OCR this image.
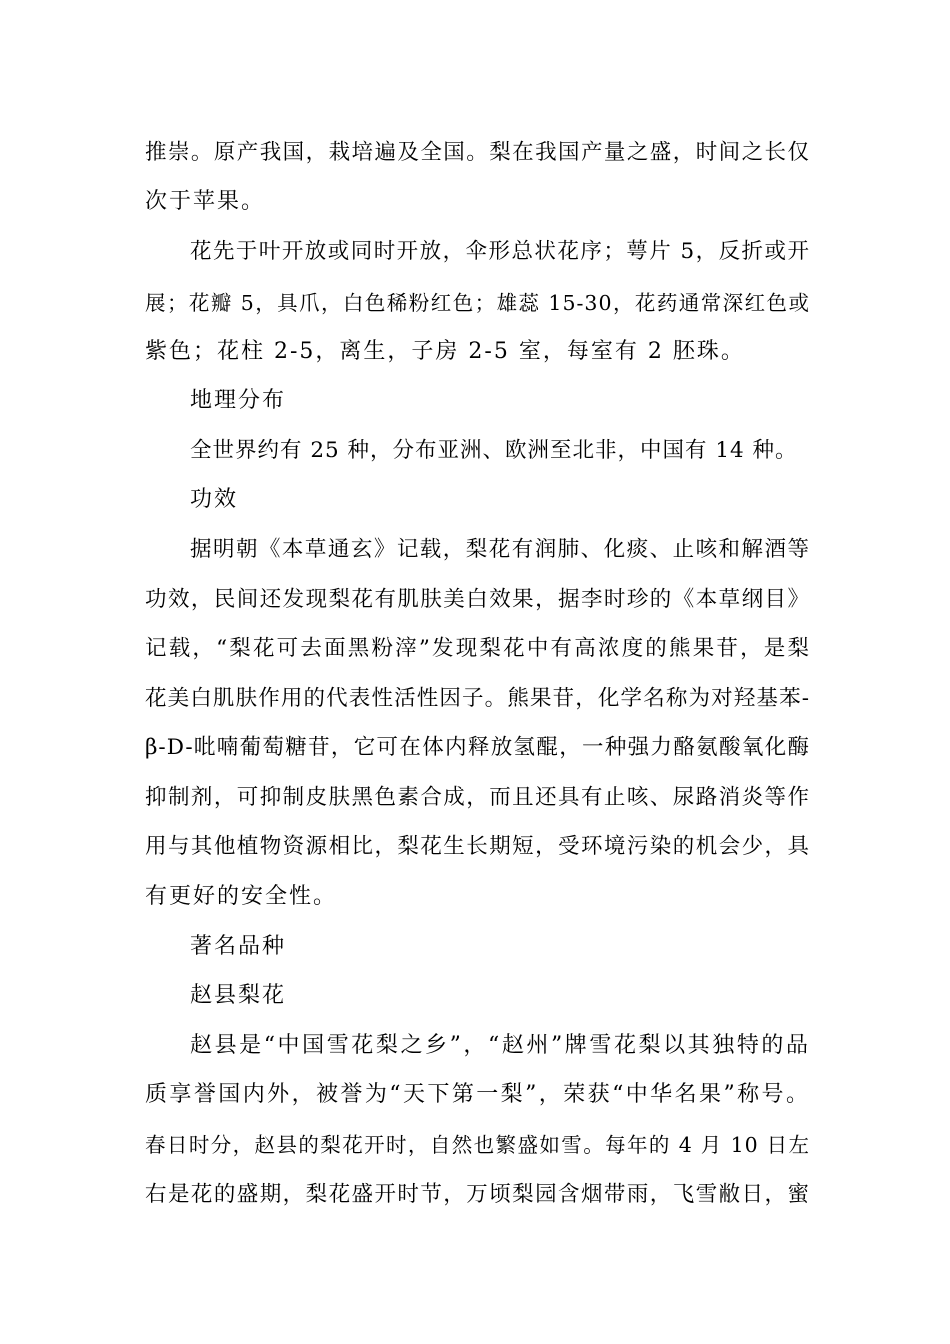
推崇。原产我国，栽培遍及全国。梨在我国产量之盛，时间之长仅
次于苹果。
花先于叶开放或同时开放，伞形总状花序；萼片 5，反折或开
展；花瓣 5，具爪，白色稀粉红色；雄蕊 15-30，花药通常深红色或
紫色；花柱 2-5，离生，子房 2-5 室，每室有 2 胚珠。
地理分布
全世界约有 25 种，分布亚洲、欧洲至北非，中国有 14 种。
功效
据明朝《本草通玄》记载，梨花有润肺、化痰、止咳和解酒等
功效，民间还发现梨花有肌肤美白效果，据李时珍的《本草纲目》
记载，“梨花可去面黑粉滓”发现梨花中有高浓度的熊果苷，是梨
花美白肌肤作用的代表性活性因子。熊果苷，化学名称为对羟基苯-
β-D-吡喃葡萄糖苷，它可在体内释放氢醌，一种强力酪氨酸氧化酶
抑制剂，可抑制皮肤黑色素合成，而且还具有止咳、尿路消炎等作
用与其他植物资源相比，梨花生长期短，受环境污染的机会少，具
有更好的安全性。
著名品种
赵县梨花
赵县是“中国雪花梨之乡”，“赵州”牌雪花梨以其独特的品
质享誉国内外，被誉为“天下第一梨”，荣获“中华名果”称号。
春日时分，赵县的梨花开时，自然也繁盛如雪。每年的 4 月 10 日左
右是花的盛期，梨花盛开时节，万顷梨园含烟带雨，飞雪敝日，蜜
